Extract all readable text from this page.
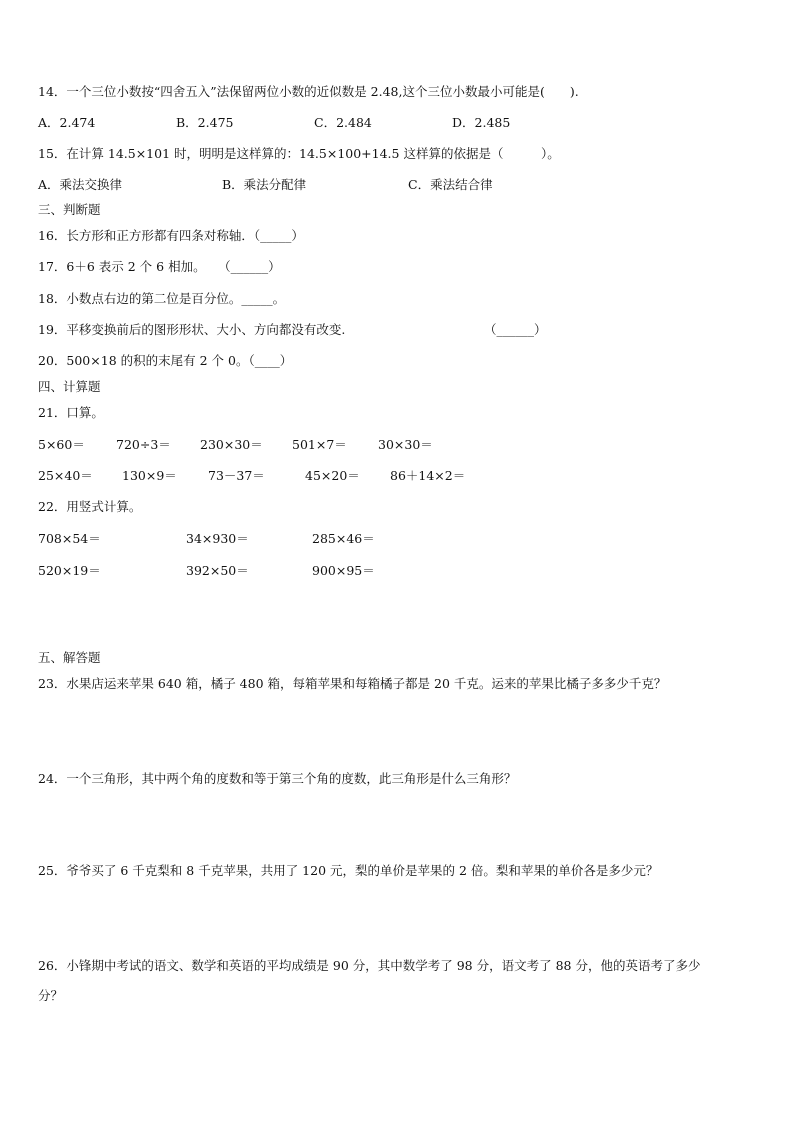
14．一个三位小数按“四舍五入”法保留两位小数的近似数是 2.48,这个三位小数最小可能是(　　).
A．2.474	B．2.475	C．2.484	D．2.485
15．在计算 14.5×101 时，明明是这样算的：14.5×100+14.5 这样算的依据是（　　　）。
A．乘法交换律	B．乘法分配律	C．乘法结合律
三、判断题
16．长方形和正方形都有四条对称轴．（_____）
17．6＋6 表示 2 个 6 相加。　　（______）
18．小数点右边的第二位是百分位。_____。
19．平移变换前后的图形形状、大小、方向都没有改变.	（______）
20．500×18 的积的末尾有 2 个 0。（____）
四、计算题
21．口算。
5×60＝ 720÷3＝ 230×30＝ 501×7＝ 30×30＝
25×40＝ 130×9＝ 73－37＝	45×20＝ 86＋14×2＝
22．用竖式计算。
708×54＝	34×930＝	285×46＝
520×19＝	392×50＝	900×95＝
五、解答题
23．水果店运来苹果 640 箱，橘子 480 箱，每箱苹果和每箱橘子都是 20 千克。运来的苹果比橘子多多少千克？
24．一个三角形，其中两个角的度数和等于第三个角的度数，此三角形是什么三角形？
25．爷爷买了 6 千克梨和 8 千克苹果，共用了 120 元，梨的单价是苹果的 2 倍。梨和苹果的单价各是多少元？
26．小锋期中考试的语文、数学和英语的平均成绩是 90 分，其中数学考了 98 分，语文考了 88 分，他的英语考了多少
分？
